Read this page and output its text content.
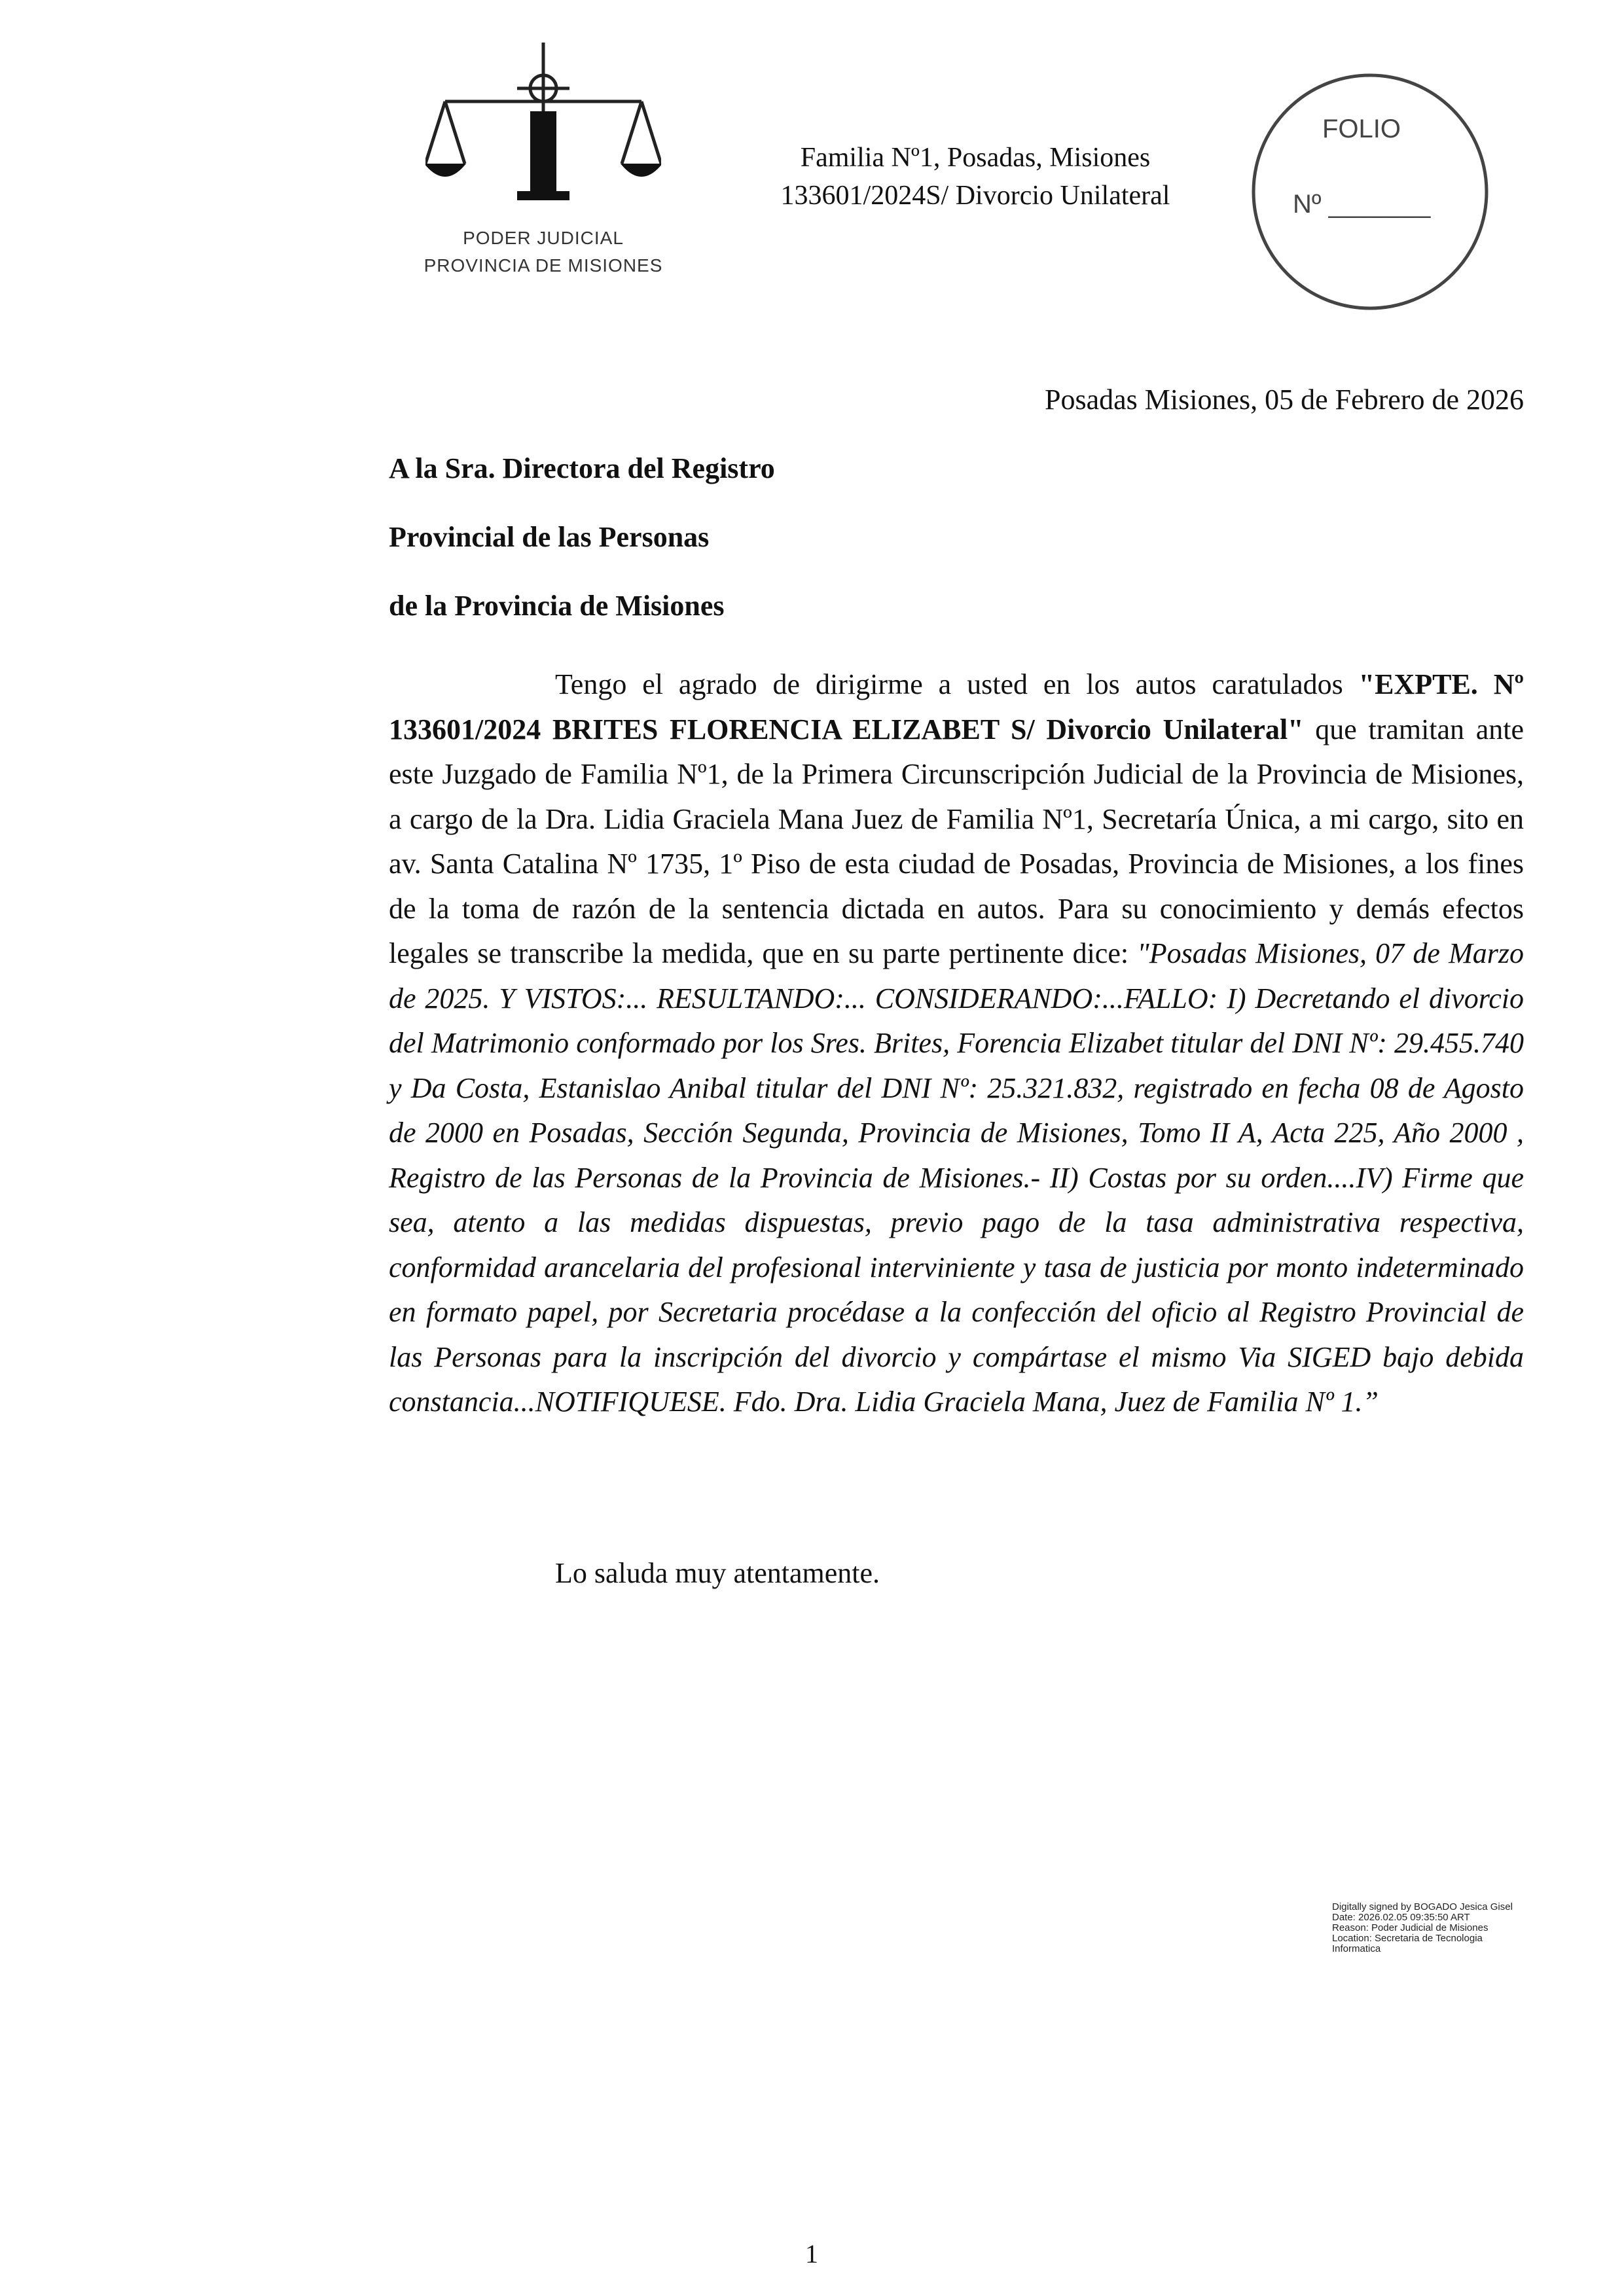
PODER JUDICIAL
PROVINCIA DE MISIONES
Familia Nº1, Posadas, Misiones
133601/2024S/ Divorcio Unilateral
FOLIO
Nº _______
Posadas Misiones, 05 de Febrero de 2026
A la Sra. Directora del Registro
Provincial de las Personas
de la Provincia de Misiones

Tengo el agrado de dirigirme a usted en los autos caratulados "EXPTE. Nº 133601/2024 BRITES FLORENCIA ELIZABET S/ Divorcio Unilateral" que tramitan ante este Juzgado de Familia Nº1, de la Primera Circunscripción Judicial de la Provincia de Misiones, a cargo de la Dra. Lidia Graciela Mana Juez de Familia Nº1, Secretaría Única, a mi cargo, sito en av. Santa Catalina Nº 1735, 1º Piso de esta ciudad de Posadas, Provincia de Misiones, a los fines de la toma de razón de la sentencia dictada en autos. Para su conocimiento y demás efectos legales se transcribe la medida, que en su parte pertinente dice: "Posadas Misiones, 07 de Marzo de 2025. Y VISTOS:... RESULTANDO:... CONSIDERANDO:...FALLO: I) Decretando el divorcio del Matrimonio conformado por los Sres. Brites, Forencia Elizabet titular del DNI Nº: 29.455.740 y Da Costa, Estanislao Anibal titular del DNI Nº: 25.321.832, registrado en fecha 08 de Agosto de 2000 en Posadas, Sección Segunda, Provincia de Misiones, Tomo II A, Acta 225, Año 2000 , Registro de las Personas de la Provincia de Misiones.- II) Costas por su orden....IV) Firme que sea, atento a las medidas dispuestas, previo pago de la tasa administrativa respectiva, conformidad arancelaria del profesional interviniente y tasa de justicia por monto indeterminado en formato papel, por Secretaria procédase a la confección del oficio al Registro Provincial de las Personas para la inscripción del divorcio y compártase el mismo Via SIGED bajo debida constancia...NOTIFIQUESE. Fdo. Dra. Lidia Graciela Mana, Juez de Familia Nº 1.”

Lo saluda muy atentamente.
Digitally signed by BOGADO Jesica Gisel
Date: 2026.02.05 09:35:50 ART
Reason: Poder Judicial de Misiones
Location: Secretaria de Tecnologia
Informatica
1
